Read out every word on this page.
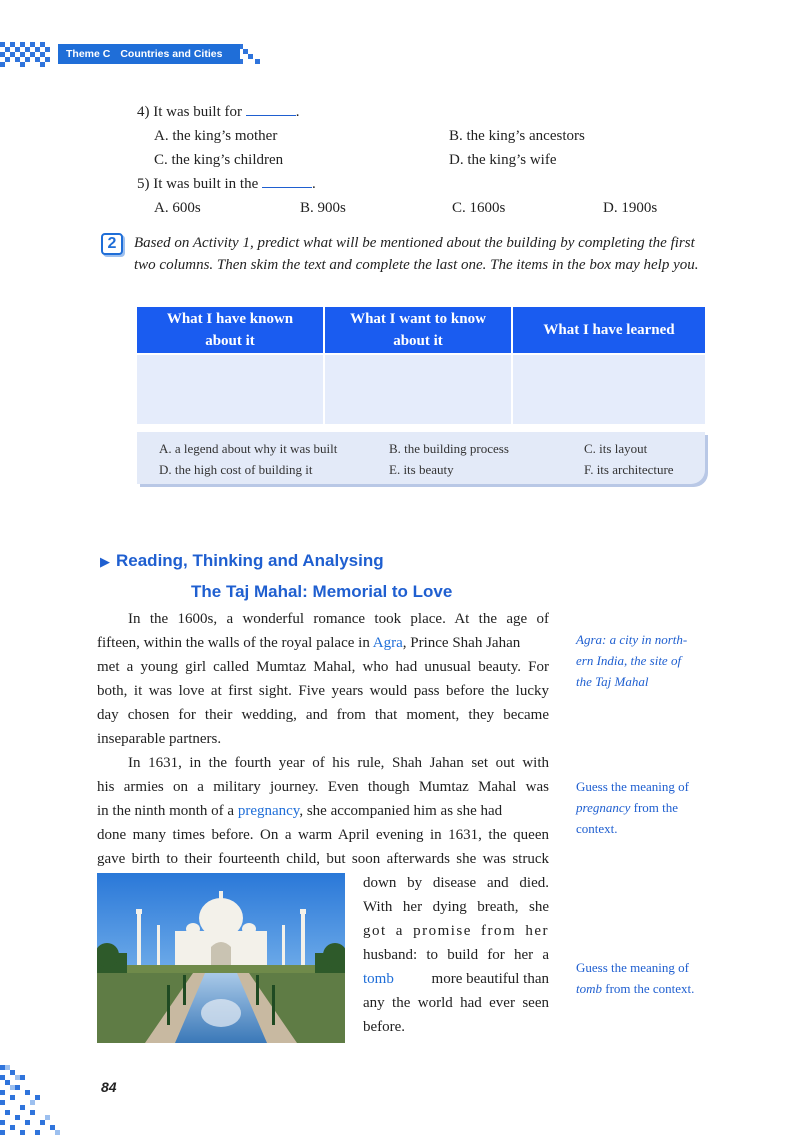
Theme C Countries and Cities
4) It was built for	.
A. the king’s mother	B. the king’s ancestors
C. the king’s children	D. the king’s wife
5) It was built in the	.
A. 600s	B. 900s	C. 1600s	D. 1900s
2	Based on Activity 1, predict what will be mentioned about the building by completing the first two columns. Then skim the text and complete the last one. The items in the box may help you.
What I have known about it	What I want to know about it	What I have learned

A. a legend about why it was built	B. the building process	C. its layout
D. the high cost of building it	E. its beauty	F. its architecture
▶ Reading, Thinking and Analysing
The Taj Mahal: Memorial to Love
In the 1600s, a wonderful romance took place. At the age of
fifteen, within the walls of the royal palace in Agra, Prince Shah Jahan
met a young girl called Mumtaz Mahal, who had unusual beauty. For
both, it was love at first sight. Five years would pass before the lucky
day chosen for their wedding, and from that moment, they became
inseparable partners.
In 1631, in the fourth year of his rule, Shah Jahan set out with
his armies on a military journey. Even though Mumtaz Mahal was
in the ninth month of a pregnancy, she accompanied him as she had
done many times before. On a warm April evening in 1631, the queen
gave birth to their fourteenth child, but soon afterwards she was struck
down by disease and died.
With her dying breath, she
got a promise from her
husband: to build for her a
tomb	more beautiful than
any the world had ever seen
before.
Agra: a city in north-
ern India, the site of
the Taj Mahal
Guess the meaning of
pregnancy from the
context.
Guess the meaning of
tomb from the context.
84
